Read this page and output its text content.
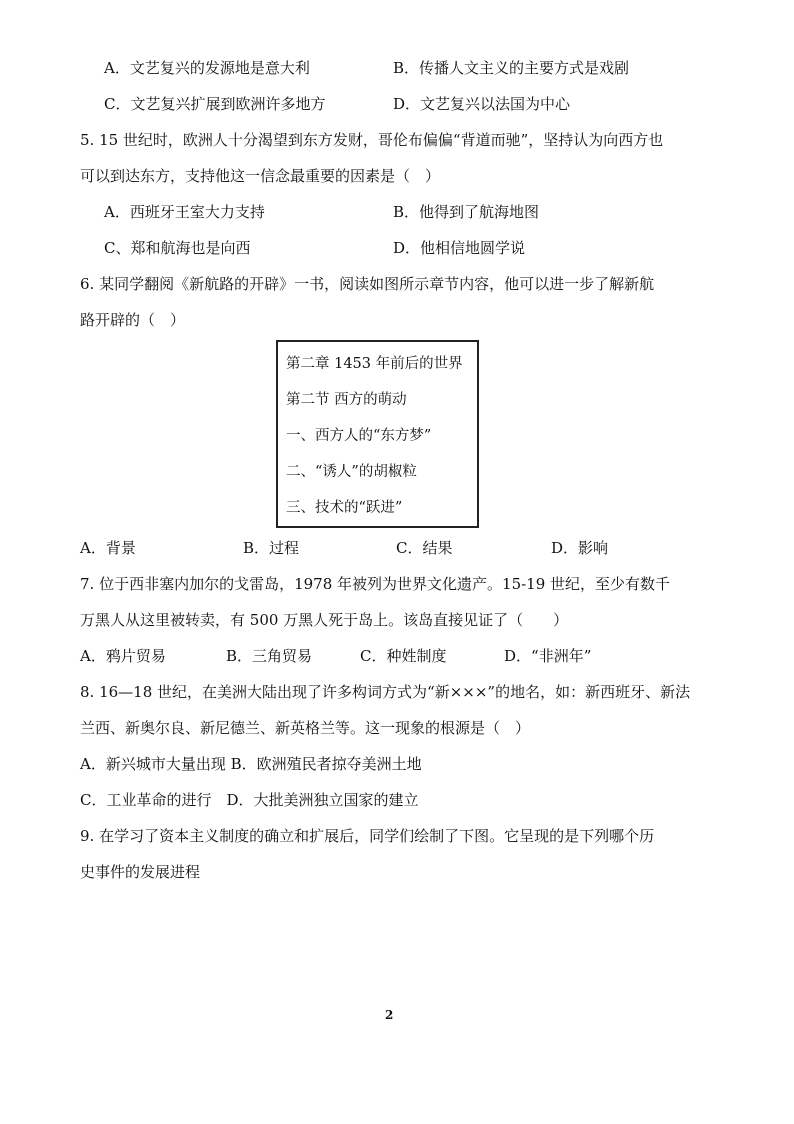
A．文艺复兴的发源地是意大利	B．传播人文主义的主要方式是戏剧
C．文艺复兴扩展到欧洲许多地方	D．文艺复兴以法国为中心
5. 15 世纪时，欧洲人十分渴望到东方发财，哥伦布偏偏“背道而驰”，坚持认为向西方也
可以到达东方，支持他这一信念最重要的因素是（　）
A．西班牙王室大力支持	B．他得到了航海地图
C、郑和航海也是向西	D．他相信地圆学说
6. 某同学翻阅《新航路的开辟》一书，阅读如图所示章节内容，他可以进一步了解新航
路开辟的（　）
第二章 1453 年前后的世界
第二节 西方的萌动
一、西方人的“东方梦”
二、“诱人”的胡椒粒
三、技术的“跃进”
A．背景	B．过程	C．结果	D．影响
7. 位于西非塞内加尔的戈雷岛，1978 年被列为世界文化遗产。15-19 世纪，至少有数千
万黑人从这里被转卖，有 500 万黑人死于岛上。该岛直接见证了（　　）
A．鸦片贸易	B．三角贸易	C．种姓制度	D．“非洲年”
8. 16—18 世纪，在美洲大陆出现了许多构词方式为“新×××”的地名，如：新西班牙、新法
兰西、新奥尔良、新尼德兰、新英格兰等。这一现象的根源是（　）
A．新兴城市大量出现 B．欧洲殖民者掠夺美洲土地
C．工业革命的进行　D．大批美洲独立国家的建立
9. 在学习了资本主义制度的确立和扩展后，同学们绘制了下图。它呈现的是下列哪个历
史事件的发展进程
2
